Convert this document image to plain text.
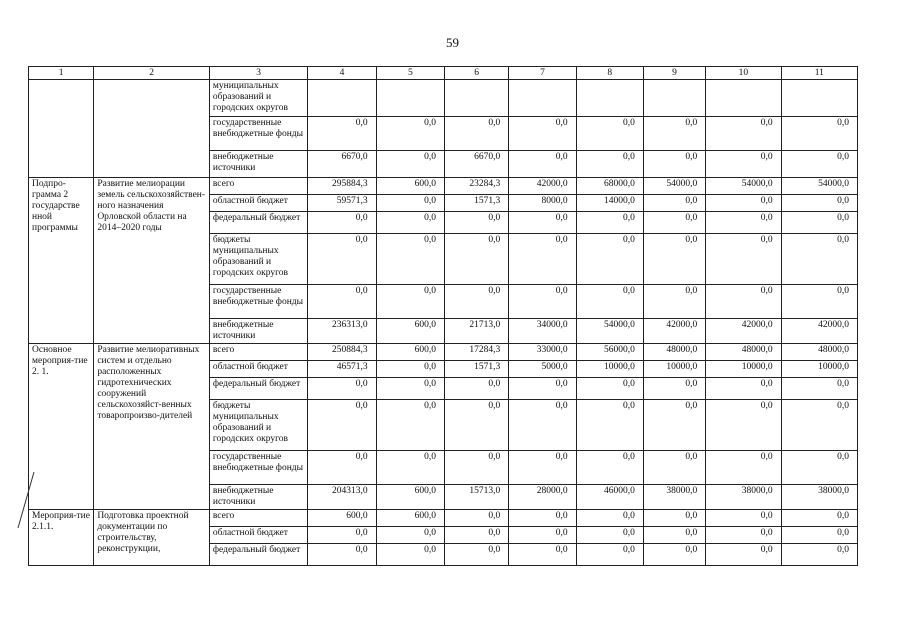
59
1	2	3	4	5	6	7	8	9	10	11
		муниципальных образований и городских округов								
		государственные внебюджетные фонды	0,0	0,0	0,0	0,0	0,0	0,0	0,0	0,0
		внебюджетные источники	6670,0	0,0	6670,0	0,0	0,0	0,0	0,0	0,0
Подпро-грамма 2 государстве нной программы	Развитие мелиорации земель сельскохозяйствен-ного назначения Орловской области на 2014–2020 годы	всего	295884,3	600,0	23284,3	42000,0	68000,0	54000,0	54000,0	54000,0
		областной бюджет	59571,3	0,0	1571,3	8000,0	14000,0	0,0	0,0	0,0
		федеральный бюджет	0,0	0,0	0,0	0,0	0,0	0,0	0,0	0,0
		бюджеты муниципальных образований и городских округов	0,0	0,0	0,0	0,0	0,0	0,0	0,0	0,0
		государственные внебюджетные фонды	0,0	0,0	0,0	0,0	0,0	0,0	0,0	0,0
		внебюджетные источники	236313,0	600,0	21713,0	34000,0	54000,0	42000,0	42000,0	42000,0
Основное мероприя-тие 2. 1.	Развитие мелиоративных систем и отдельно расположенных гидротехнических сооружений сельскохозяйст-венных товаропроизво-дителей	всего	250884,3	600,0	17284,3	33000,0	56000,0	48000,0	48000,0	48000,0
		областной бюджет	46571,3	0,0	1571,3	5000,0	10000,0	10000,0	10000,0	10000,0
		федеральный бюджет	0,0	0,0	0,0	0,0	0,0	0,0	0,0	0,0
		бюджеты муниципальных образований и городских округов	0,0	0,0	0,0	0,0	0,0	0,0	0,0	0,0
		государственные внебюджетные фонды	0,0	0,0	0,0	0,0	0,0	0,0	0,0	0,0
		внебюджетные источники	204313,0	600,0	15713,0	28000,0	46000,0	38000,0	38000,0	38000,0
Мероприя-тие 2.1.1.	Подготовка проектной документации по строительству, реконструкции,	всего	600,0	600,0	0,0	0,0	0,0	0,0	0,0	0,0
		областной бюджет	0,0	0,0	0,0	0,0	0,0	0,0	0,0	0,0
		федеральный бюджет	0,0	0,0	0,0	0,0	0,0	0,0	0,0	0,0
